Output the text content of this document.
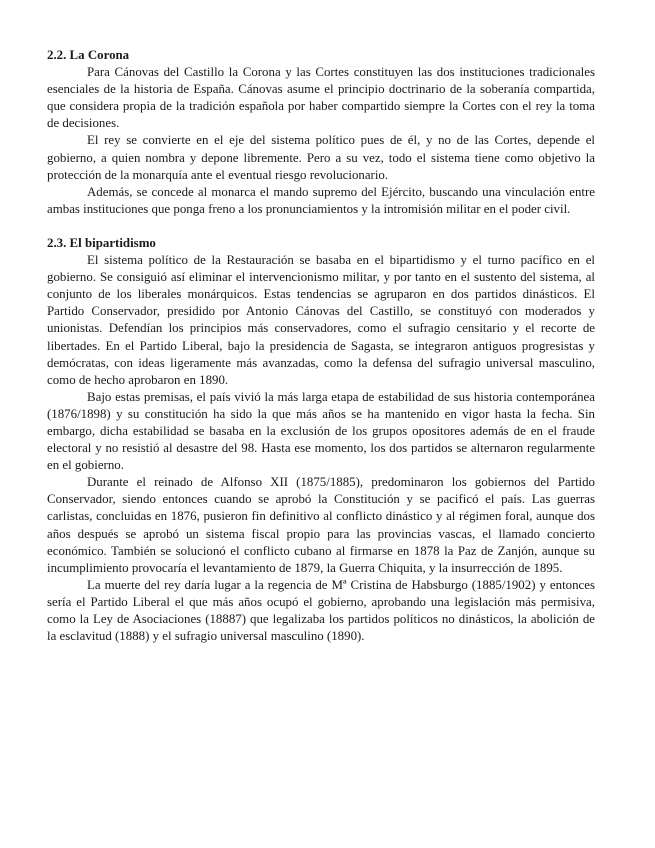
2.2. La Corona

Para Cánovas del Castillo la Corona y las Cortes constituyen las dos instituciones tradicionales esenciales de la historia de España. Cánovas asume el principio doctrinario de la soberanía compartida, que considera propia de la tradición española por haber compartido siempre la Cortes con el rey la toma de decisiones.

El rey se convierte en el eje del sistema político pues de él, y no de las Cortes, depende el gobierno, a quien nombra y depone libremente. Pero a su vez, todo el sistema tiene como objetivo la protección de la monarquía ante el eventual riesgo revolucionario.

Además, se concede al monarca el mando supremo del Ejército, buscando una vinculación entre ambas instituciones que ponga freno a los pronunciamientos y la intromisión militar en el poder civil.

2.3. El bipartidismo

El sistema político de la Restauración se basaba en el bipartidismo y el turno pacífico en el gobierno. Se consiguió así eliminar el intervencionismo militar, y por tanto en el sustento del sistema, al conjunto de los liberales monárquicos. Estas tendencias se agruparon en dos partidos dinásticos. El Partido Conservador, presidido por Antonio Cánovas del Castillo, se constituyó con moderados y unionistas. Defendían los principios más conservadores, como el sufragio censitario y el recorte de libertades. En el Partido Liberal, bajo la presidencia de Sagasta, se integraron antiguos progresistas y demócratas, con ideas ligeramente más avanzadas, como la defensa del sufragio universal masculino, como de hecho aprobaron en 1890.

Bajo estas premisas, el país vivió la más larga etapa de estabilidad de sus historia contemporánea (1876/1898) y su constitución ha sido la que más años se ha mantenido en vigor hasta la fecha. Sin embargo, dicha estabilidad se basaba en la exclusión de los grupos opositores además de en el fraude electoral y no resistió al desastre del 98. Hasta ese momento, los dos partidos se alternaron regularmente en el gobierno.

Durante el reinado de Alfonso XII (1875/1885), predominaron los gobiernos del Partido Conservador, siendo entonces cuando se aprobó la Constitución y se pacificó el país. Las guerras carlistas, concluidas en 1876, pusieron fin definitivo al conflicto dinástico y al régimen foral, aunque dos años después se aprobó un sistema fiscal propio para las provincias vascas, el llamado concierto económico. También se solucionó el conflicto cubano al firmarse en 1878 la Paz de Zanjón, aunque su incumplimiento provocaría el levantamiento de 1879, la Guerra Chiquita, y la insurrección de 1895.

La muerte del rey daría lugar a la regencia de Mª Cristina de Habsburgo (1885/1902) y entonces sería el Partido Liberal el que más años ocupó el gobierno, aprobando una legislación más permisiva, como la Ley de Asociaciones (18887) que legalizaba los partidos políticos no dinásticos, la abolición de la esclavitud (1888) y el sufragio universal masculino (1890).
